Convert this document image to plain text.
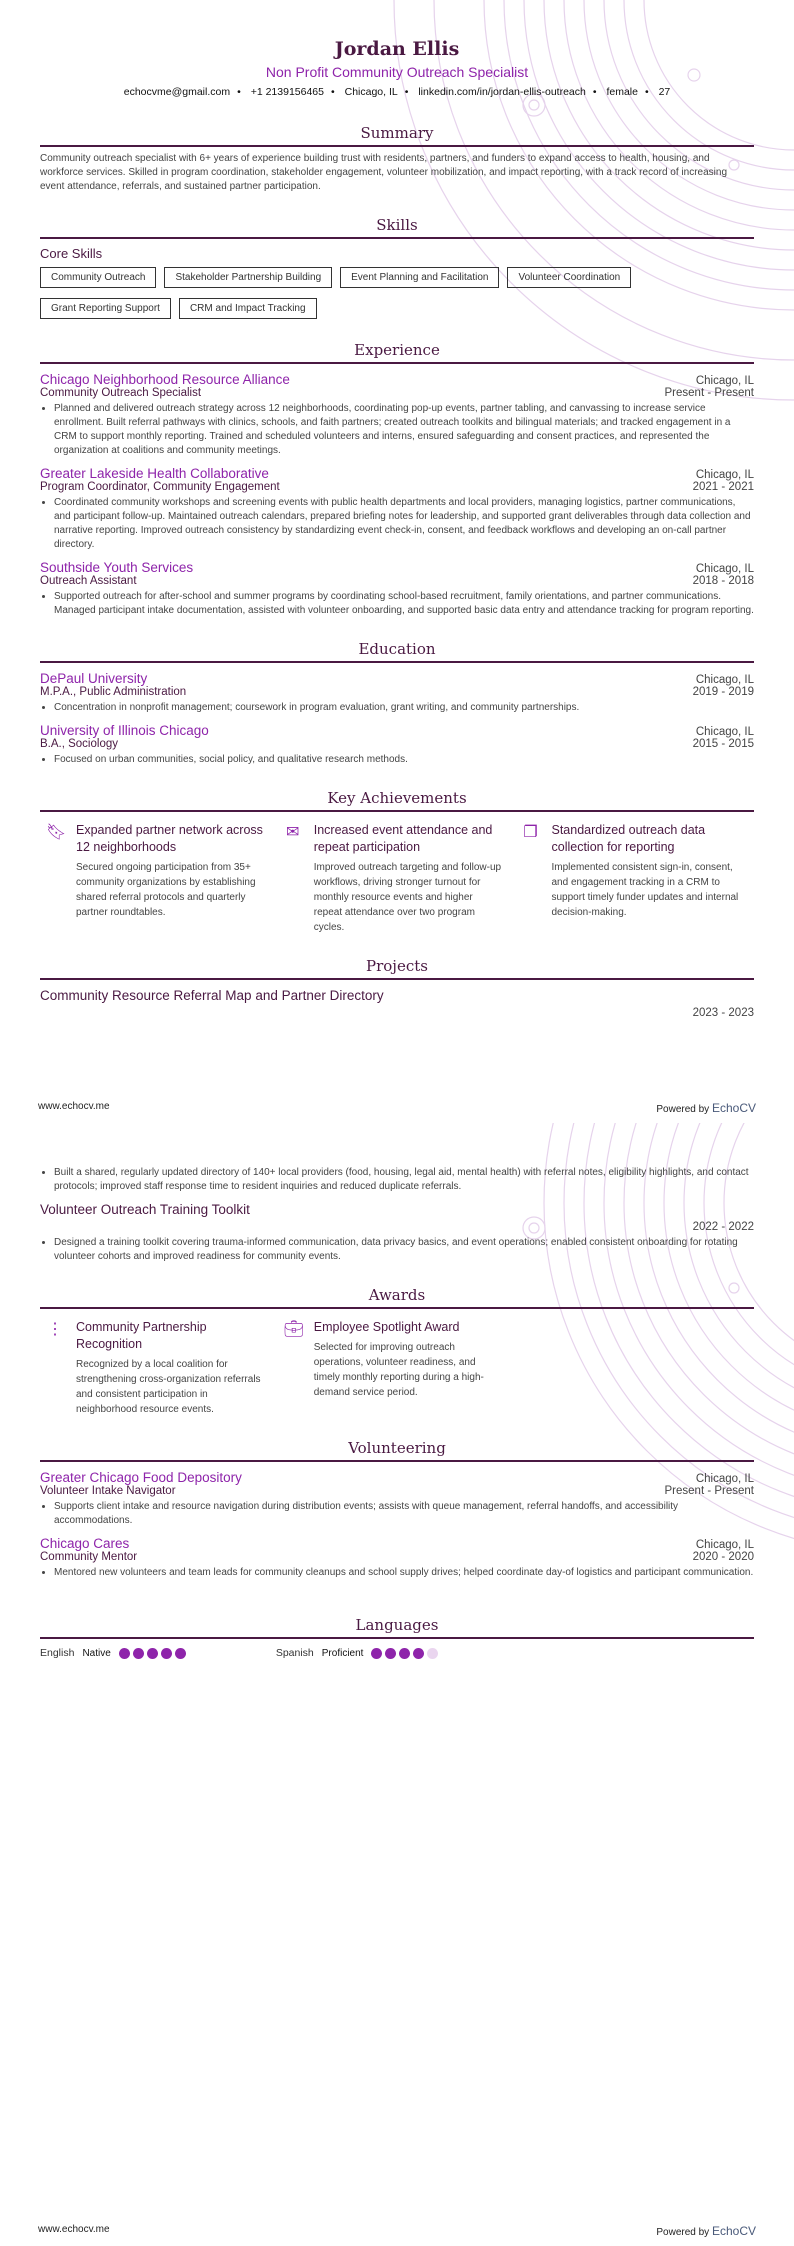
Jordan Ellis
Non Profit Community Outreach Specialist
echocvme@gmail.com • +1 2139156465 • Chicago, IL • linkedin.com/in/jordan-ellis-outreach • female • 27
Summary

Community outreach specialist with 6+ years of experience building trust with residents, partners, and funders to expand access to health, housing, and workforce services. Skilled in program coordination, stakeholder engagement, volunteer mobilization, and impact reporting, with a track record of increasing event attendance, referrals, and sustained partner participation.

Skills
Core Skills
Community Outreach	Stakeholder Partnership Building	Event Planning and Facilitation	Volunteer Coordination
Grant Reporting Support	CRM and Impact Tracking
Experience
Chicago Neighborhood Resource Alliance	Chicago, IL
Community Outreach Specialist	Present - Present
• Planned and delivered outreach strategy across 12 neighborhoods, coordinating pop-up events, partner tabling, and canvassing to increase service enrollment. Built referral pathways with clinics, schools, and faith partners; created outreach toolkits and bilingual materials; and tracked engagement in a CRM to support monthly reporting. Trained and scheduled volunteers and interns, ensured safeguarding and consent practices, and represented the organization at coalitions and community meetings.
Greater Lakeside Health Collaborative	Chicago, IL
Program Coordinator, Community Engagement	2021 - 2021
• Coordinated community workshops and screening events with public health departments and local providers, managing logistics, partner communications, and participant follow-up. Maintained outreach calendars, prepared briefing notes for leadership, and supported grant deliverables through data collection and narrative reporting. Improved outreach consistency by standardizing event check-in, consent, and feedback workflows and developing an on-call partner directory.
Southside Youth Services	Chicago, IL
Outreach Assistant	2018 - 2018
• Supported outreach for after-school and summer programs by coordinating school-based recruitment, family orientations, and partner communications. Managed participant intake documentation, assisted with volunteer onboarding, and supported basic data entry and attendance tracking for program reporting.
Education
DePaul University	Chicago, IL
M.P.A., Public Administration	2019 - 2019
• Concentration in nonprofit management; coursework in program evaluation, grant writing, and community partnerships.
University of Illinois Chicago	Chicago, IL
B.A., Sociology	2015 - 2015
• Focused on urban communities, social policy, and qualitative research methods.
Key Achievements
🔖︎ Expanded partner network across 12 neighborhoods
Secured ongoing participation from 35+ community organizations by establishing shared referral protocols and quarterly partner roundtables.
✉ Increased event attendance and repeat participation
Improved outreach targeting and follow-up workflows, driving stronger turnout for monthly resource events and higher repeat attendance over two program cycles.
❐ Standardized outreach data collection for reporting
Implemented consistent sign-in, consent, and engagement tracking in a CRM to support timely funder updates and internal decision-making.
Projects
Community Resource Referral Map and Partner Directory
2023 - 2023
www.echocv.me	Powered by EchoCV
• Built a shared, regularly updated directory of 140+ local providers (food, housing, legal aid, mental health) with referral notes, eligibility highlights, and contact protocols; improved staff response time to resident inquiries and reduced duplicate referrals.
Volunteer Outreach Training Toolkit
2022 - 2022
• Designed a training toolkit covering trauma-informed communication, data privacy basics, and event operations; enabled consistent onboarding for rotating volunteer cohorts and improved readiness for community events.
Awards
⋮ Community Partnership Recognition
Recognized by a local coalition for strengthening cross-organization referrals and consistent participation in neighborhood resource events.
💼︎ Employee Spotlight Award
Selected for improving outreach operations, volunteer readiness, and timely monthly reporting during a high-demand service period.
Volunteering
Greater Chicago Food Depository	Chicago, IL
Volunteer Intake Navigator	Present - Present
• Supports client intake and resource navigation during distribution events; assists with queue management, referral handoffs, and accessibility accommodations.
Chicago Cares	Chicago, IL
Community Mentor	2020 - 2020
• Mentored new volunteers and team leads for community cleanups and school supply drives; helped coordinate day-of logistics and participant communication.
Languages
English Native	Spanish Proficient
www.echocv.me	Powered by EchoCV
